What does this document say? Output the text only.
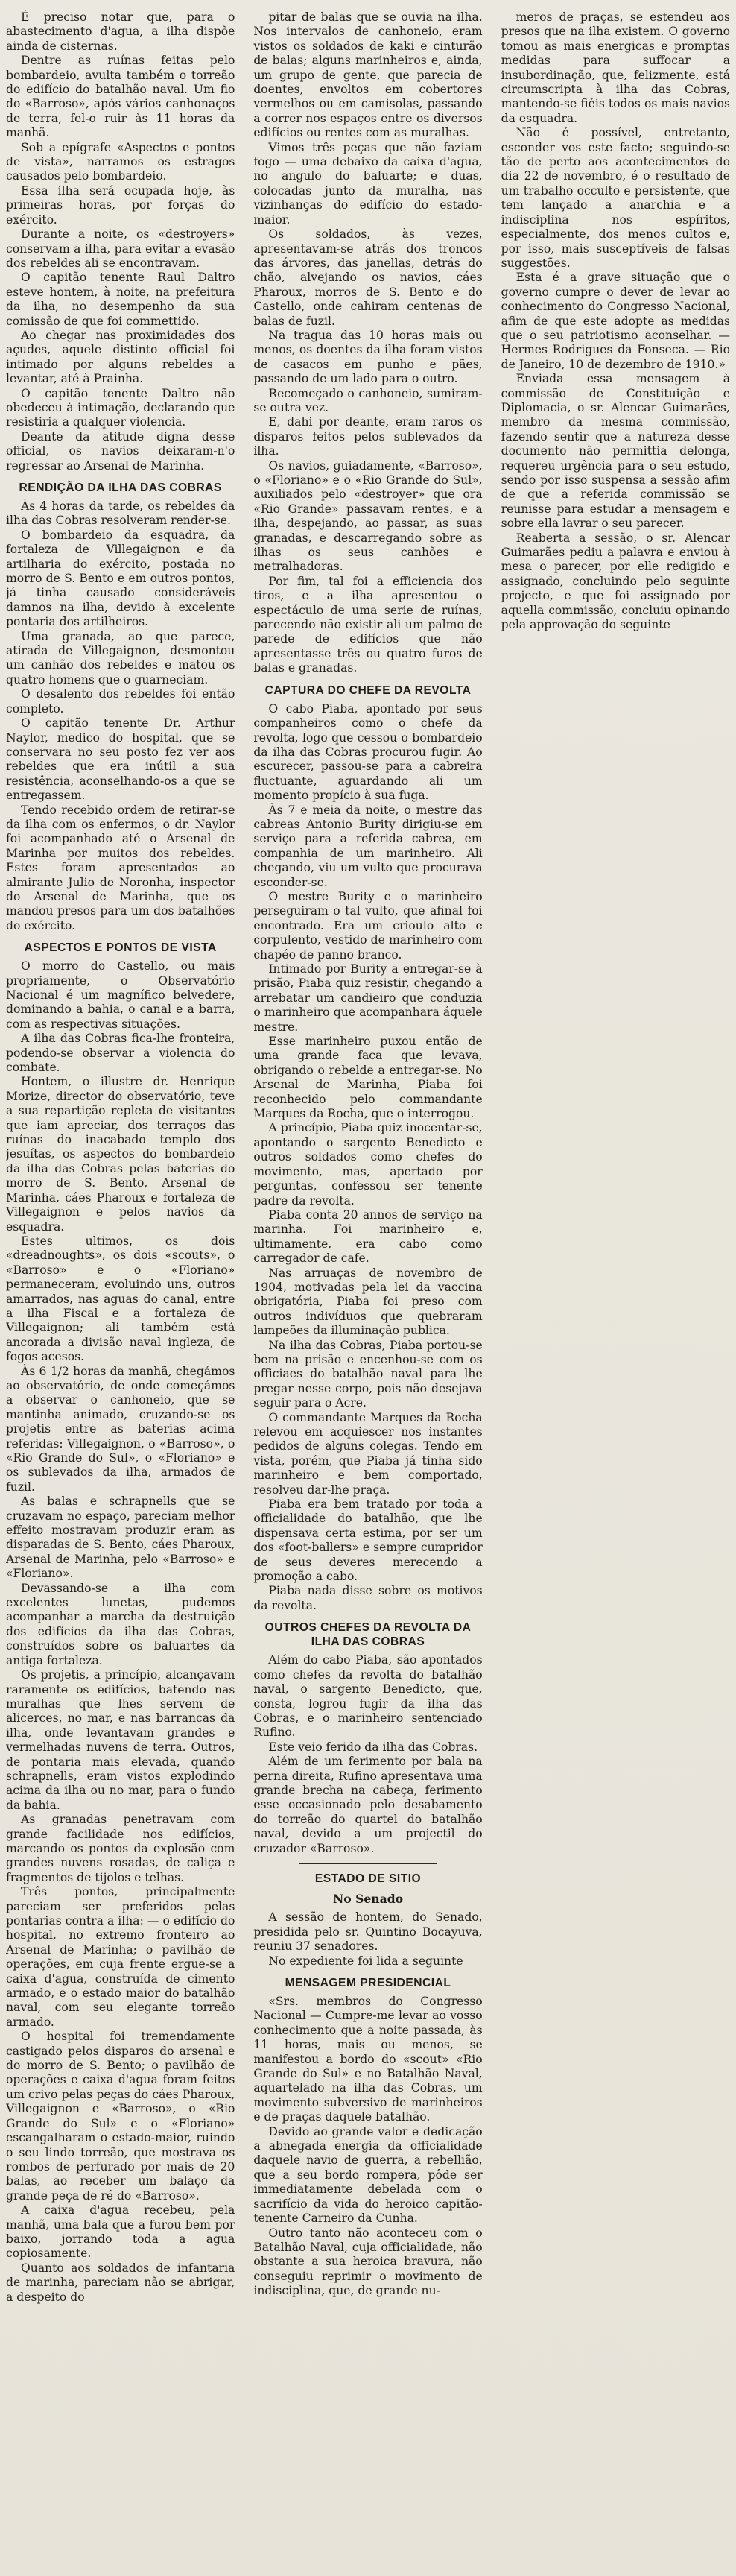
É preciso notar que, para o abastecimento d'agua, a ilha dispõe ainda de cisternas.

Dentre as ruínas feitas pelo bombardeio, avulta também o torreão do edifício do batalhão naval. Um fio do «Barroso», após vários canhonaços de terra, fel-o ruir às 11 horas da manhã.

Sob a epígrafe «Aspectos e pontos de vista», narramos os estragos causados pelo bombardeio.

Essa ilha será ocupada hoje, às primeiras horas, por forças do exército.

Durante a noite, os «destroyers» conservam a ilha, para evitar a evasão dos rebeldes ali se encontravam.

O capitão tenente Raul Daltro esteve hontem, à noite, na prefeitura da ilha, no desempenho da sua comissão de que foi commettido.

Ao chegar nas proximidades dos açudes, aquele distinto official foi intimado por alguns rebeldes a levantar, até à Prainha.

O capitão tenente Daltro não obedeceu à intimação, declarando que resistiria a qualquer violencia.

Deante da atitude digna desse official, os navios deixaram-n'o regressar ao Arsenal de Marinha.

RENDIÇÃO DA ILHA DAS COBRAS

Às 4 horas da tarde, os rebeldes da ilha das Cobras resolveram render-se.

O bombardeio da esquadra, da fortaleza de Villegaignon e da artilharia do exército, postada no morro de S. Bento e em outros pontos, já tinha causado consideráveis damnos na ilha, devido à excelente pontaria dos artilheiros.

Uma granada, ao que parece, atirada de Villegaignon, desmontou um canhão dos rebeldes e matou os quatro homens que o guarneciam.

O desalento dos rebeldes foi então completo.

O capitão tenente Dr. Arthur Naylor, medico do hospital, que se conservara no seu posto fez ver aos rebeldes que era inútil a sua resistência, aconselhando-os a que se entregassem.

Tendo recebido ordem de retirar-se da ilha com os enfermos, o dr. Naylor foi acompanhado até o Arsenal de Marinha por muitos dos rebeldes. Estes foram apresentados ao almirante Julio de Noronha, inspector do Arsenal de Marinha, que os mandou presos para um dos batalhões do exército.

ASPECTOS E PONTOS DE VISTA

O morro do Castello, ou mais propriamente, o Observatório Nacional é um magnífico belvedere, dominando a bahia, o canal e a barra, com as respectivas situações.

A ilha das Cobras fica-lhe fronteira, podendo-se observar a violencia do combate.

Hontem, o illustre dr. Henrique Morize, director do observatório, teve a sua repartição repleta de visitantes que iam apreciar, dos terraços das ruínas do inacabado templo dos jesuítas, os aspectos do bombardeio da ilha das Cobras pelas baterias do morro de S. Bento, Arsenal de Marinha, cáes Pharoux e fortaleza de Villegaignon e pelos navios da esquadra.

Estes ultimos, os dois «dreadnoughts», os dois «scouts», o «Barroso» e o «Floriano» permaneceram, evoluindo uns, outros amarrados, nas aguas do canal, entre a ilha Fiscal e a fortaleza de Villegaignon; ali também está ancorada a divisão naval ingleza, de fogos acesos.

Às 6 1/2 horas da manhã, chegámos ao observatório, de onde começámos a observar o canhoneio, que se mantinha animado, cruzando-se os projetis entre as baterias acima referidas: Villegaignon, o «Barroso», o «Rio Grande do Sul», o «Floriano» e os sublevados da ilha, armados de fuzil.

As balas e schrapnells que se cruzavam no espaço, pareciam melhor effeito mostravam produzir eram as disparadas de S. Bento, cáes Pharoux, Arsenal de Marinha, pelo «Barroso» e «Floriano».

Devassando-se a ilha com excelentes lunetas, pudemos acompanhar a marcha da destruição dos edifícios da ilha das Cobras, construídos sobre os baluartes da antiga fortaleza.

Os projetis, a princípio, alcançavam raramente os edifícios, batendo nas muralhas que lhes servem de alicerces, no mar, e nas barrancas da ilha, onde levantavam grandes e vermelhadas nuvens de terra. Outros, de pontaria mais elevada, quando schrapnells, eram vistos explodindo acima da ilha ou no mar, para o fundo da bahia.

As granadas penetravam com grande facilidade nos edifícios, marcando os pontos da explosão com grandes nuvens rosadas, de caliça e fragmentos de tijolos e telhas.

Três pontos, principalmente pareciam ser preferidos pelas pontarias contra a ilha: — o edifício do hospital, no extremo fronteiro ao Arsenal de Marinha; o pavilhão de operações, em cuja frente ergue-se a caixa d'agua, construída de cimento armado, e o estado maior do batalhão naval, com seu elegante torreão armado.

O hospital foi tremendamente castigado pelos disparos do arsenal e do morro de S. Bento; o pavilhão de operações e caixa d'agua foram feitos um crivo pelas peças do cáes Pharoux, Villegaignon e «Barroso», o «Rio Grande do Sul» e o «Floriano» escangalharam o estado-maior, ruindo o seu lindo torreão, que mostrava os rombos de perfurado por mais de 20 balas, ao receber um balaço da grande peça de ré do «Barroso».

A caixa d'agua recebeu, pela manhã, uma bala que a furou bem por baixo, jorrando toda a agua copiosamente.

Quanto aos soldados de infantaria de marinha, pareciam não se abrigar, a despeito do

pitar de balas que se ouvia na ilha. Nos intervalos de canhoneio, eram vistos os soldados de kaki e cinturão de balas; alguns marinheiros e, ainda, um grupo de gente, que parecia de doentes, envoltos em cobertores vermelhos ou em camisolas, passando a correr nos espaços entre os diversos edifícios ou rentes com as muralhas.

Vimos três peças que não faziam fogo — uma debaixo da caixa d'agua, no angulo do baluarte; e duas, colocadas junto da muralha, nas vizinhanças do edifício do estado-maior.

Os soldados, às vezes, apresentavam-se atrás dos troncos das árvores, das janellas, detrás do chão, alvejando os navios, cáes Pharoux, morros de S. Bento e do Castello, onde cahiram centenas de balas de fuzil.

Na tragua das 10 horas mais ou menos, os doentes da ilha foram vistos de casacos em punho e pães, passando de um lado para o outro.

Recomeçado o canhoneio, sumiram-se outra vez.

E, dahi por deante, eram raros os disparos feitos pelos sublevados da ilha.

Os navios, guiadamente, «Barroso», o «Floriano» e o «Rio Grande do Sul», auxiliados pelo «destroyer» que ora «Rio Grande» passavam rentes, e a ilha, despejando, ao passar, as suas granadas, e descarregando sobre as ilhas os seus canhões e metralhadoras.

Por fim, tal foi a efficiencia dos tiros, e a ilha apresentou o espectáculo de uma serie de ruínas, parecendo não existir ali um palmo de parede de edifícios que não apresentasse três ou quatro furos de balas e granadas.

CAPTURA DO CHEFE DA REVOLTA

O cabo Piaba, apontado por seus companheiros como o chefe da revolta, logo que cessou o bombardeio da ilha das Cobras procurou fugir. Ao escurecer, passou-se para a cabreira fluctuante, aguardando ali um momento propício à sua fuga.

Às 7 e meia da noite, o mestre das cabreas Antonio Burity dirigiu-se em serviço para a referida cabrea, em companhia de um marinheiro. Ali chegando, viu um vulto que procurava esconder-se.

O mestre Burity e o marinheiro perseguiram o tal vulto, que afinal foi encontrado. Era um crioulo alto e corpulento, vestido de marinheiro com chapéo de panno branco.

Intimado por Burity a entregar-se à prisão, Piaba quiz resistir, chegando a arrebatar um candieiro que conduzia o marinheiro que acompanhara áquele mestre.

Esse marinheiro puxou então de uma grande faca que levava, obrigando o rebelde a entregar-se. No Arsenal de Marinha, Piaba foi reconhecido pelo commandante Marques da Rocha, que o interrogou.

A princípio, Piaba quiz inocentar-se, apontando o sargento Benedicto e outros soldados como chefes do movimento, mas, apertado por perguntas, confessou ser tenente padre da revolta.

Piaba conta 20 annos de serviço na marinha. Foi marinheiro e, ultimamente, era cabo como carregador de cafe.

Nas arruaças de novembro de 1904, motivadas pela lei da vaccina obrigatória, Piaba foi preso com outros indivíduos que quebraram lampeões da illuminação publica.

Na ilha das Cobras, Piaba portou-se bem na prisão e encenhou-se com os officiaes do batalhão naval para lhe pregar nesse corpo, pois não desejava seguir para o Acre.

O commandante Marques da Rocha relevou em acquiescer nos instantes pedidos de alguns colegas. Tendo em vista, porém, que Piaba já tinha sido marinheiro e bem comportado, resolveu dar-lhe praça.

Piaba era bem tratado por toda a officialidade do batalhão, que lhe dispensava certa estima, por ser um dos «foot-ballers» e sempre cumpridor de seus deveres merecendo a promoção a cabo.

Piaba nada disse sobre os motivos da revolta.

OUTROS CHEFES DA REVOLTA DA ILHA DAS COBRAS

Além do cabo Piaba, são apontados como chefes da revolta do batalhão naval, o sargento Benedicto, que, consta, logrou fugir da ilha das Cobras, e o marinheiro sentenciado Rufino.

Este veio ferido da ilha das Cobras.

Além de um ferimento por bala na perna direita, Rufino apresentava uma grande brecha na cabeça, ferimento esse occasionado pelo desabamento do torreão do quartel do batalhão naval, devido a um projectil do cruzador «Barroso».

ESTADO DE SITIO
No Senado

A sessão de hontem, do Senado, presidida pelo sr. Quintino Bocayuva, reuniu 37 senadores.

No expediente foi lida a seguinte

MENSAGEM PRESIDENCIAL

«Srs. membros do Congresso Nacional — Cumpre-me levar ao vosso conhecimento que a noite passada, às 11 horas, mais ou menos, se manifestou a bordo do «scout» «Rio Grande do Sul» e no Batalhão Naval, aquartelado na ilha das Cobras, um movimento subversivo de marinheiros e de praças daquele batalhão.

Devido ao grande valor e dedicação a abnegada energia da officialidade daquele navio de guerra, a rebellião, que a seu bordo rompera, pôde ser immediatamente debelada com o sacrifício da vida do heroico capitão-tenente Carneiro da Cunha.

Outro tanto não aconteceu com o Batalhão Naval, cuja officialidade, não obstante a sua heroica bravura, não conseguiu reprimir o movimento de indisciplina, que, de grande nu-

meros de praças, se estendeu aos presos que na ilha existem. O governo tomou as mais energicas e promptas medidas para suffocar a insubordinação, que, felizmente, está circumscripta à ilha das Cobras, mantendo-se fiéis todos os mais navios da esquadra.

Não é possível, entretanto, esconder vos este facto; seguindo-se tão de perto aos acontecimentos do dia 22 de novembro, é o resultado de um trabalho occulto e persistente, que tem lançado a anarchia e a indisciplina nos espíritos, especialmente, dos menos cultos e, por isso, mais susceptíveis de falsas suggestões.

Esta é a grave situação que o governo cumpre o dever de levar ao conhecimento do Congresso Nacional, afim de que este adopte as medidas que o seu patriotismo aconselhar. — Hermes Rodrigues da Fonseca. — Rio de Janeiro, 10 de dezembro de 1910.»

Enviada essa mensagem à commissão de Constituição e Diplomacia, o sr. Alencar Guimarães, membro da mesma commissão, fazendo sentir que a natureza desse documento não permittia delonga, requereu urgência para o seu estudo, sendo por isso suspensa a sessão afim de que a referida commissão se reunisse para estudar a mensagem e sobre ella lavrar o seu parecer.

Reaberta a sessão, o sr. Alencar Guimarães pediu a palavra e enviou à mesa o parecer, por elle redigido e assignado, concluindo pelo seguinte projecto, e que foi assignado por aquella commissão, concluiu opinando pela approvação do seguinte
